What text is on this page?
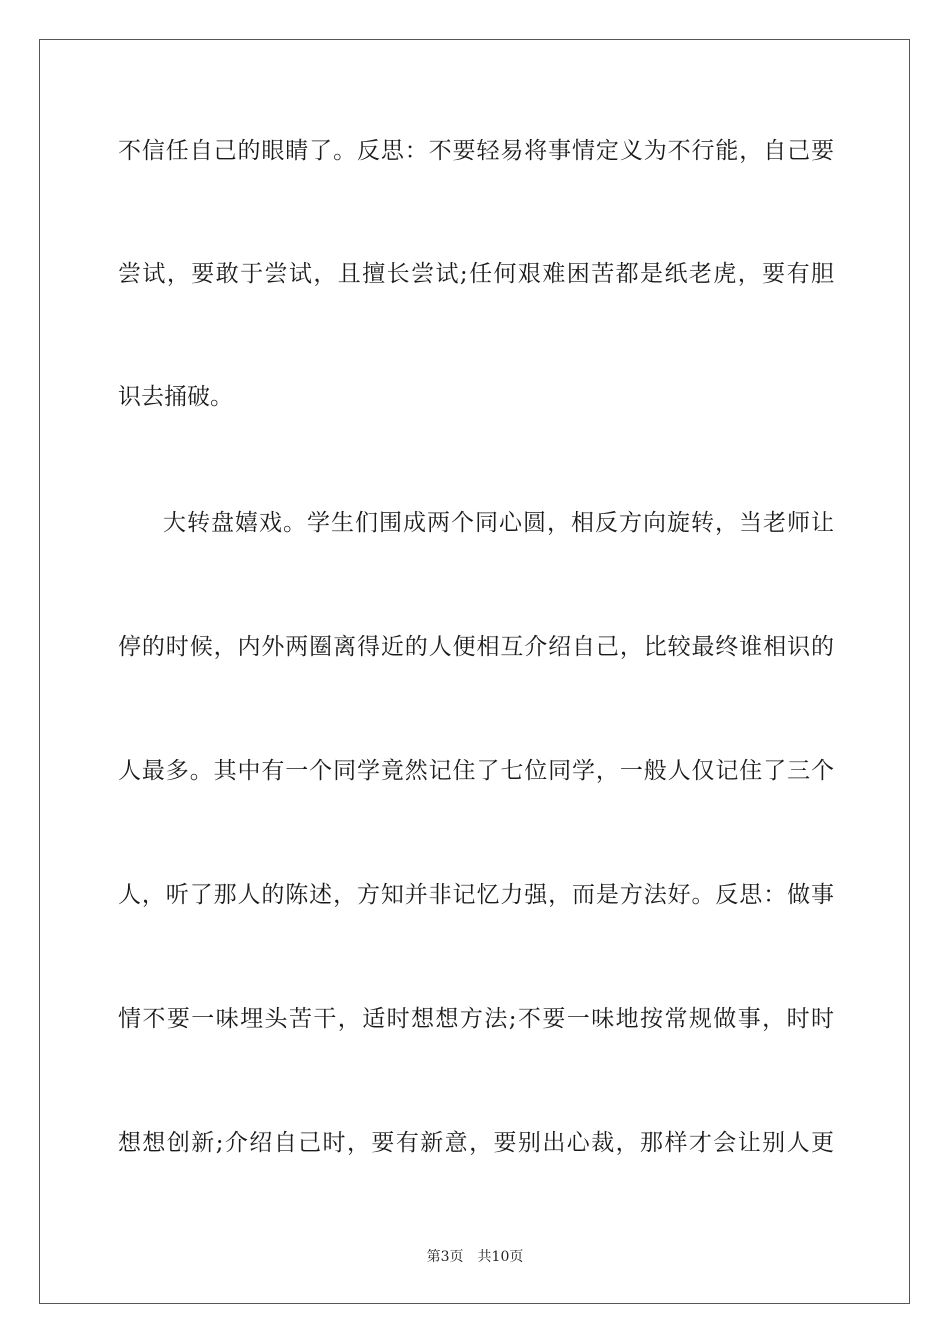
不信任自己的眼睛了。反思：不要轻易将事情定义为不行能，自己要
尝试，要敢于尝试，且擅长尝试;任何艰难困苦都是纸老虎，要有胆
识去捅破。
大转盘嬉戏。学生们围成两个同心圆，相反方向旋转，当老师让
停的时候，内外两圈离得近的人便相互介绍自己，比较最终谁相识的
人最多。其中有一个同学竟然记住了七位同学，一般人仅记住了三个
人，听了那人的陈述，方知并非记忆力强，而是方法好。反思：做事
情不要一味埋头苦干，适时想想方法;不要一味地按常规做事，时时
想想创新;介绍自己时，要有新意，要别出心裁，那样才会让别人更
第3页 共10页
